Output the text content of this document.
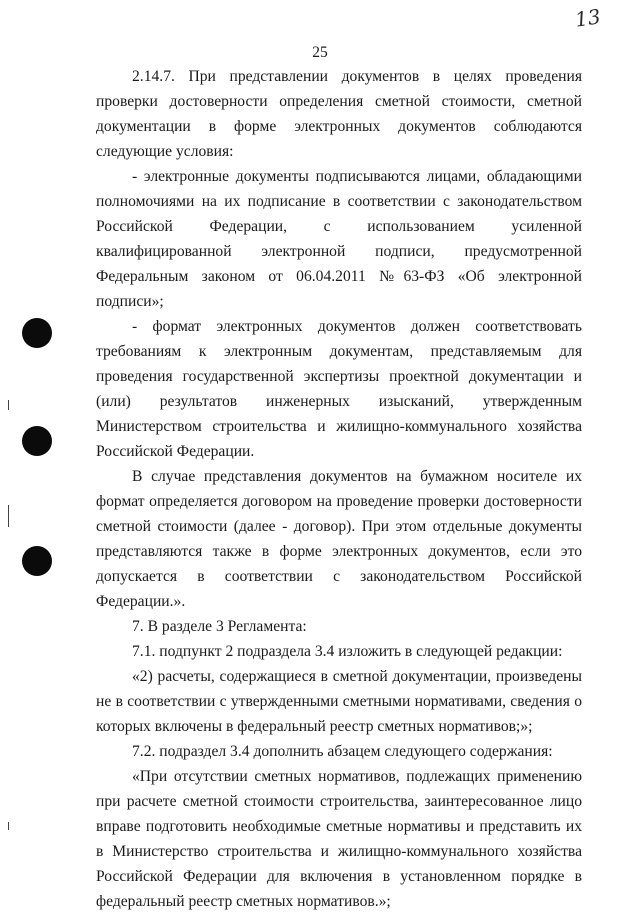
13
25

2.14.7. При представлении документов в целях проведения проверки достоверности определения сметной стоимости, сметной документации в форме электронных документов соблюдаются следующие условия:

- электронные документы подписываются лицами, обладающими полномочиями на их подписание в соответствии с законодательством Российской Федерации, с использованием усиленной квалифицированной электронной подписи, предусмотренной Федеральным законом от 06.04.2011 №63-ФЗ «Об электронной подписи»;

- формат электронных документов должен соответствовать требованиям к электронным документам, представляемым для проведения государственной экспертизы проектной документации и (или) результатов инженерных изысканий, утвержденным Министерством строительства и жилищно-коммунального хозяйства Российской Федерации.

В случае представления документов на бумажном носителе их формат определяется договором на проведение проверки достоверности сметной стоимости (далее - договор). При этом отдельные документы представляются также в форме электронных документов, если это допускается в соответствии с законодательством Российской Федерации.».

7. В разделе 3 Регламента:

7.1. подпункт 2 подраздела 3.4 изложить в следующей редакции:

«2) расчеты, содержащиеся в сметной документации, произведены не в соответствии с утвержденными сметными нормативами, сведения о которых включены в федеральный реестр сметных нормативов;»;

7.2. подраздел 3.4 дополнить абзацем следующего содержания:

«При отсутствии сметных нормативов, подлежащих применению при расчете сметной стоимости строительства, заинтересованное лицо вправе подготовить необходимые сметные нормативы и представить их в Министерство строительства и жилищно-коммунального хозяйства Российской Федерации для включения в установленном порядке в федеральный реестр сметных нормативов.»;
